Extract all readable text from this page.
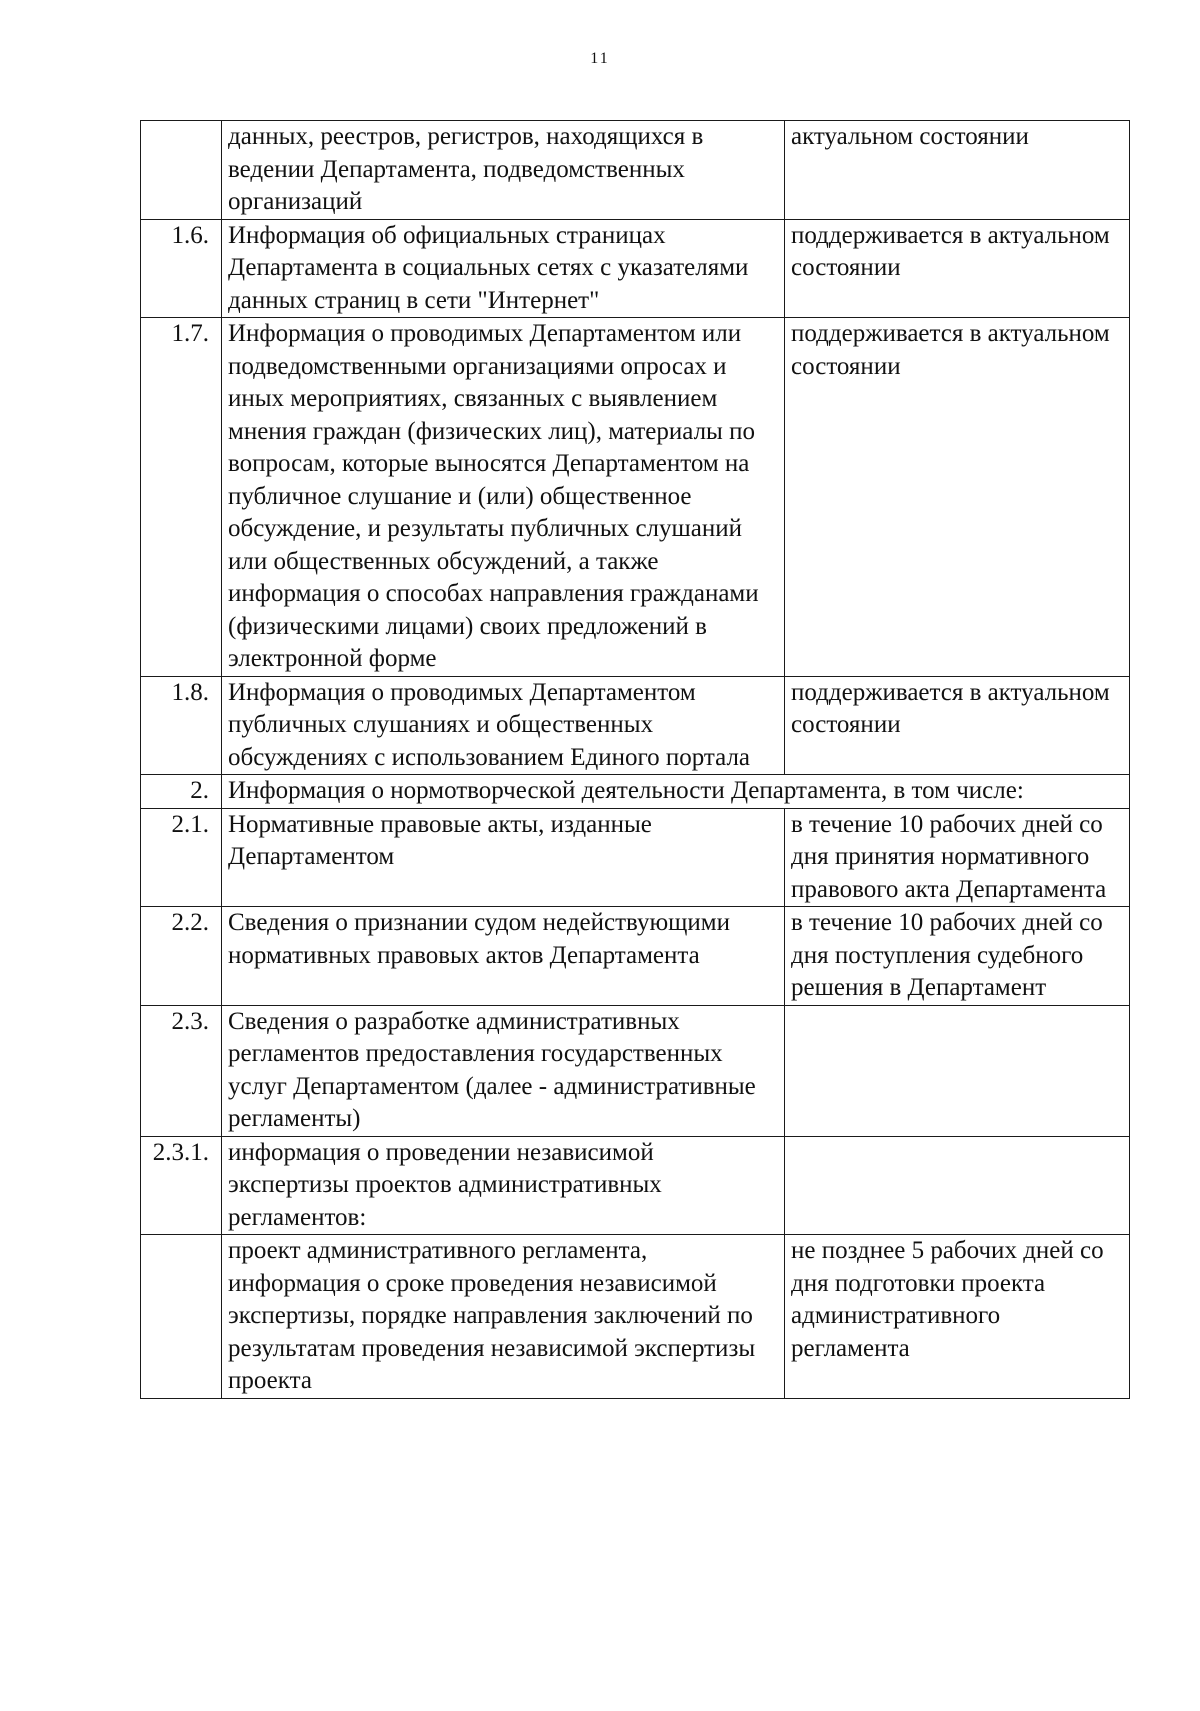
11
	данных, реестров, регистров, находящихся в ведении Департамента, подведомственных организаций	актуальном состоянии
1.6.	Информация об официальных страницах Департамента в социальных сетях с указателями данных страниц в сети "Интернет"	поддерживается в актуальном состоянии
1.7.	Информация о проводимых Департаментом или подведомственными организациями опросах и иных мероприятиях, связанных с выявлением мнения граждан (физических лиц), материалы по вопросам, которые выносятся Департаментом на публичное слушание и (или) общественное обсуждение, и результаты публичных слушаний или общественных обсуждений, а также информация о способах направления гражданами (физическими лицами) своих предложений в электронной форме	поддерживается в актуальном состоянии
1.8.	Информация о проводимых Департаментом публичных слушаниях и общественных обсуждениях с использованием Единого портала	поддерживается в актуальном состоянии
2.	Информация о нормотворческой деятельности Департамента, в том числе:	
2.1.	Нормативные правовые акты, изданные Департаментом	в течение 10 рабочих дней со дня принятия нормативного правового акта Департамента
2.2.	Сведения о признании судом недействующими нормативных правовых актов Департамента	в течение 10 рабочих дней со дня поступления судебного решения в Департамент
2.3.	Сведения о разработке административных регламентов предоставления государственных услуг Департаментом (далее - административные регламенты)	
2.3.1.	информация о проведении независимой экспертизы проектов административных регламентов:	
	проект административного регламента, информация о сроке проведения независимой экспертизы, порядке направления заключений по результатам проведения независимой экспертизы проекта	не позднее 5 рабочих дней со дня подготовки проекта административного регламента
